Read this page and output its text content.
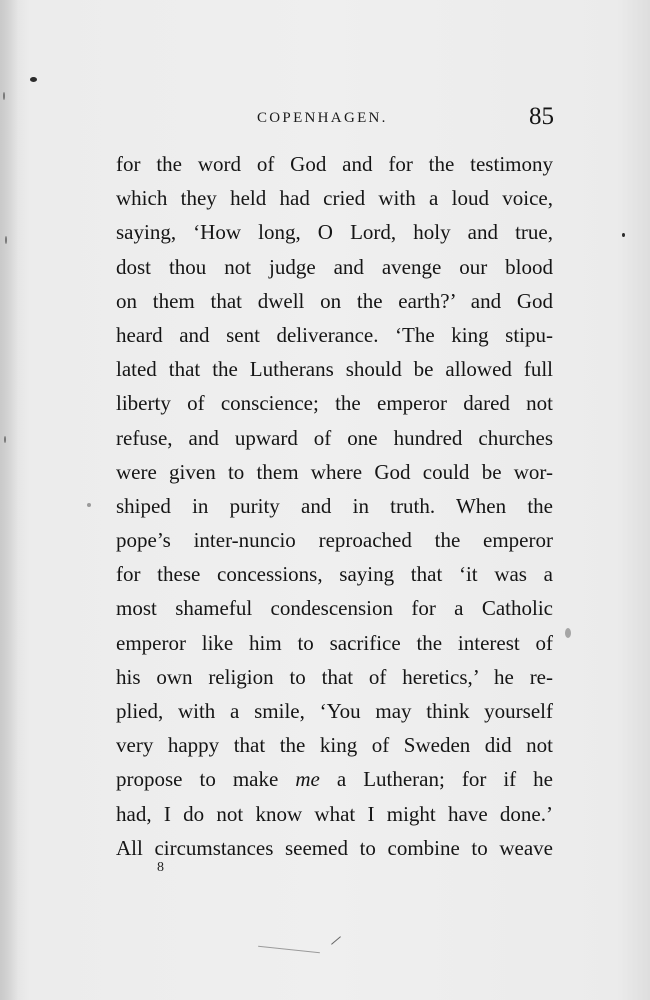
COPENHAGEN.	85
for the word of God and for the testimony
which they held had cried with a loud voice,
saying, ‘How long, O Lord, holy and true,
dost thou not judge and avenge our blood
on them that dwell on the earth?’ and God
heard and sent deliverance. ‘The king stipu-
lated that the Lutherans should be allowed full
liberty of conscience; the emperor dared not
refuse, and upward of one hundred churches
were given to them where God could be wor-
shiped in purity and in truth. When the
pope’s inter-nuncio reproached the emperor
for these concessions, saying that ‘it was a
most shameful condescension for a Catholic
emperor like him to sacrifice the interest of
his own religion to that of heretics,’ he re-
plied, with a smile, ‘You may think yourself
very happy that the king of Sweden did not
propose to make me a Lutheran; for if he
had, I do not know what I might have done.’
All circumstances seemed to combine to weave
8
